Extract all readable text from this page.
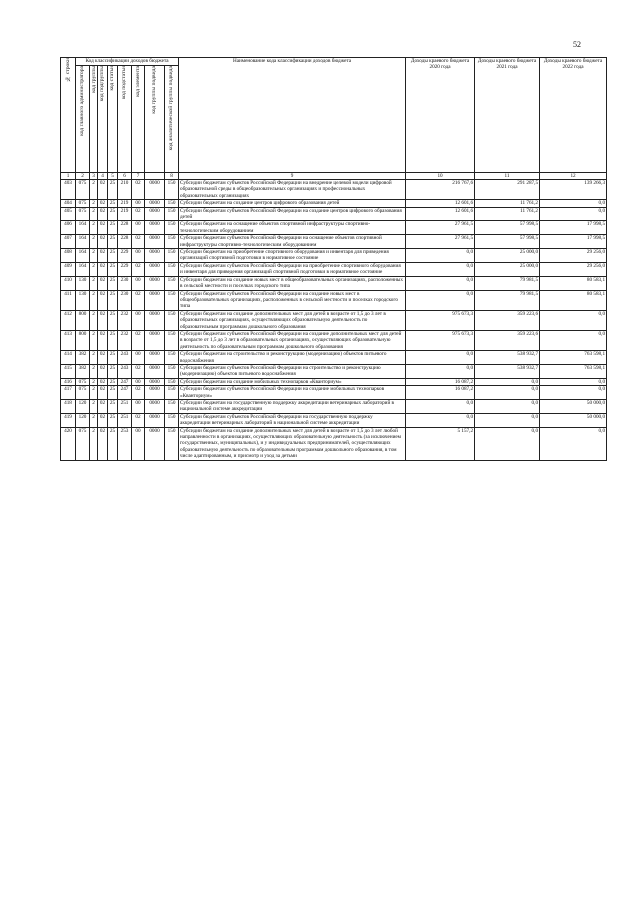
52
№ строки	Код классификации доходов бюджета								Наименование кода классификации доходов бюджета	Доходы краевого бюджета 2020 года	Доходы краевого бюджета 2021 года	Доходы краевого бюджета 2022 года

	код главного администратора	код группы	код подгруппы	код статьи	код подстатьи	код элемента	код группы подвида	код аналитической группы подвида				

1	2	3	4	5	6	7		8	9	10	11	12
403	075	2	02	25	210	02	0000	150	Субсидии бюджетам субъектов Российской Федерации на внедрение целевой модели цифровой образовательной среды в общеобразовательных организациях и профессиональных образовательных организациях	216 767,6	291 287,5	139 266,3
404	075	2	02	25	219	00	0000	150	Субсидии бюджетам на создание центров цифрового образования детей	12 601,6	11 761,2	0,0
405	075	2	02	25	219	02	0000	150	Субсидии бюджетам субъектов Российской Федерации на создание центров цифрового образования детей	12 601,6	11 761,2	0,0
406	164	2	02	25	228	00	0000	150	Субсидии бюджетам на оснащение объектов спортивной инфраструктуры спортивно-технологическим оборудованием	27 961,5	57 998,5	17 998,5
407	164	2	02	25	228	02	0000	150	Субсидии бюджетам субъектов Российской Федерации на оснащение объектов спортивной инфраструктуры спортивно-технологическим оборудованием	27 961,5	57 998,5	17 998,5
408	164	2	02	25	229	00	0000	150	Субсидии бюджетам на приобретение спортивного оборудования и инвентаря для приведения организаций спортивной подготовки в нормативное состояние	0,0	25 000,0	29 256,0
409	164	2	02	25	229	02	0000	150	Субсидии бюджетам субъектов Российской Федерации на приобретение спортивного оборудования и инвентаря для приведения организаций спортивной подготовки в нормативное состояние	0,0	25 000,0	29 256,0
410	130	2	02	25	230	00	0000	150	Субсидии бюджетам на создание новых мест в общеобразовательных организациях, расположенных в сельской местности и поселках городского типа	0,0	79 981,5	80 583,1
411	130	2	02	25	230	02	0000	150	Субсидии бюджетам субъектов Российской Федерации на создание новых мест в общеобразовательных организациях, расположенных в сельской местности и поселках городского типа	0,0	79 981,5	80 583,1
412	800	2	02	25	232	00	0000	150	Субсидии бюджетам на создание дополнительных мест для детей в возрасте от 1,5 до 3 лет в образовательных организациях, осуществляющих образовательную деятельность по образовательным программам дошкольного образования	975 673,3	359 223,6	0,0
413	800	2	02	25	232	02	0000	150	Субсидии бюджетам субъектов Российской Федерации на создание дополнительных мест для детей в возрасте от 1,5 до 3 лет в образовательных организациях, осуществляющих образовательную деятельность по образовательным программам дошкольного образования	975 673,3	359 223,6	0,0
414	382	2	02	25	243	00	0000	150	Субсидии бюджетам на строительство и реконструкцию (модернизацию) объектов питьевого водоснабжения	0,0	538 932,7	763 598,1
415	382	2	02	25	243	02	0000	150	Субсидии бюджетам субъектов Российской Федерации на строительство и реконструкцию (модернизацию) объектов питьевого водоснабжения	0,0	538 932,7	763 598,1
416	075	2	02	25	247	00	0000	150	Субсидии бюджетам на создание мобильных технопарков «Кванториум»	16 087,2	0,0	0,0
417	075	2	02	25	247	02	0000	150	Субсидии бюджетам субъектов Российской Федерации на создание мобильных технопарков «Кванториум»	16 087,2	0,0	0,0
418	120	2	02	25	251	00	0000	150	Субсидии бюджетам на государственную поддержку аккредитации ветеринарных лабораторий в национальной системе аккредитации	0,0	0,0	50 000,0
419	120	2	02	25	251	02	0000	150	Субсидии бюджетам субъектов Российской Федерации на государственную поддержку аккредитации ветеринарных лабораторий в национальной системе аккредитации	0,0	0,0	50 000,0
420	075	2	02	25	253	00	0000	150	Субсидии бюджетам на создание дополнительных мест для детей в возрасте от 1,5 до 3 лет любой направленности в организациях, осуществляющих образовательную деятельность (за исключением государственных, муниципальных), и у индивидуальных предпринимателей, осуществляющих образовательную деятельность по образовательным программам дошкольного образования, в том числе адаптированным, и присмотр и уход за детьми	5 157,2	0,0	0,0
